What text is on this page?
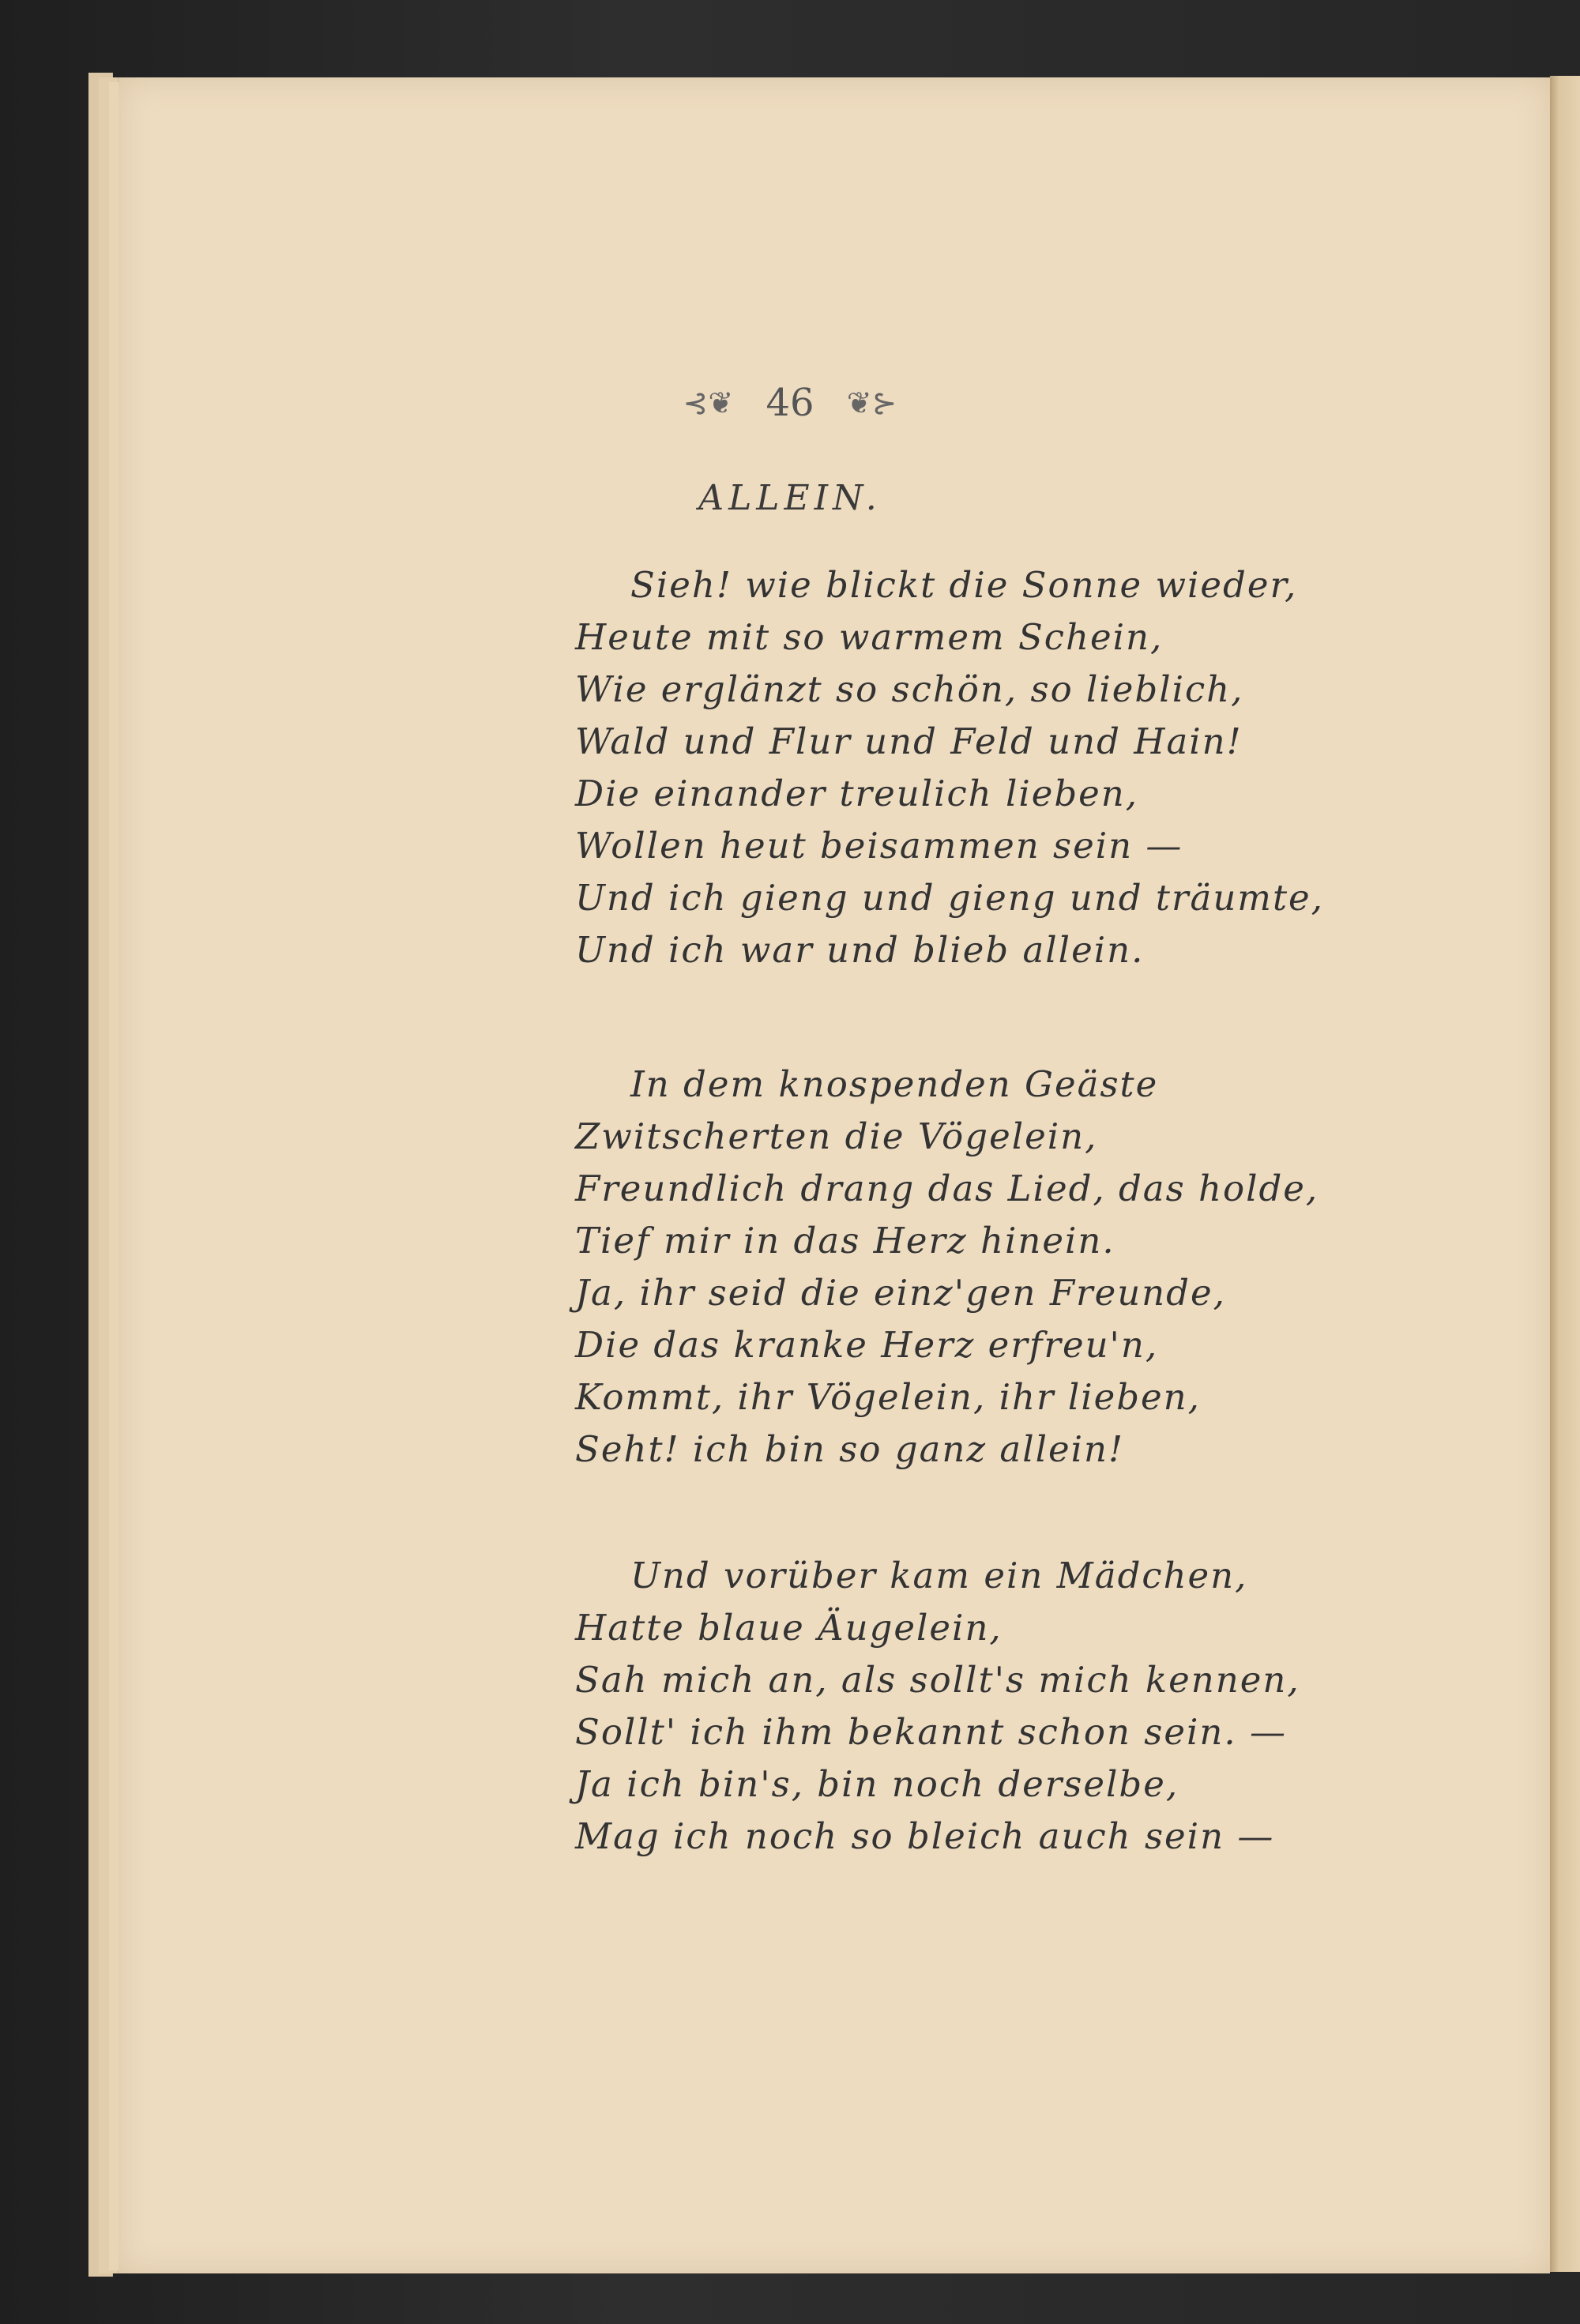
⊰❦ 46 ❦⊱
ALLEIN.
Sieh! wie blickt die Sonne wieder,
Heute mit so warmem Schein,
Wie erglänzt so schön, so lieblich,
Wald und Flur und Feld und Hain!
Die einander treulich lieben,
Wollen heut beisammen sein —
Und ich gieng und gieng und träumte,
Und ich war und blieb allein.
In dem knospenden Geäste
Zwitscherten die Vögelein,
Freundlich drang das Lied, das holde,
Tief mir in das Herz hinein.
Ja, ihr seid die einz'gen Freunde,
Die das kranke Herz erfreu'n,
Kommt, ihr Vögelein, ihr lieben,
Seht! ich bin so ganz allein!
Und vorüber kam ein Mädchen,
Hatte blaue Äugelein,
Sah mich an, als sollt's mich kennen,
Sollt' ich ihm bekannt schon sein. —
Ja ich bin's, bin noch derselbe,
Mag ich noch so bleich auch sein —
